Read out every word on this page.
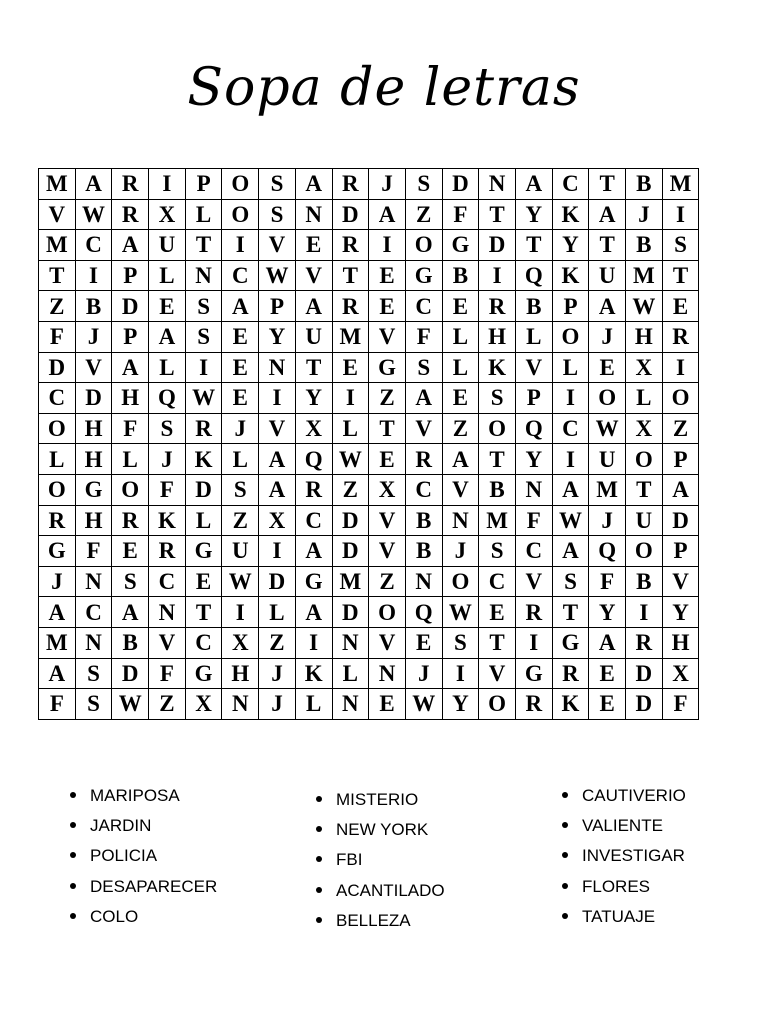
Sopa de letras
M	A	R	I	P	O	S	A	R	J	S	D	N	A	C	T	B	M
V	W	R	X	L	O	S	N	D	A	Z	F	T	Y	K	A	J	I
M	C	A	U	T	I	V	E	R	I	O	G	D	T	Y	T	B	S
T	I	P	L	N	C	W	V	T	E	G	B	I	Q	K	U	M	T
Z	B	D	E	S	A	P	A	R	E	C	E	R	B	P	A	W	E
F	J	P	A	S	E	Y	U	M	V	F	L	H	L	O	J	H	R
D	V	A	L	I	E	N	T	E	G	S	L	K	V	L	E	X	I
C	D	H	Q	W	E	I	Y	I	Z	A	E	S	P	I	O	L	O
O	H	F	S	R	J	V	X	L	T	V	Z	O	Q	C	W	X	Z
L	H	L	J	K	L	A	Q	W	E	R	A	T	Y	I	U	O	P
O	G	O	F	D	S	A	R	Z	X	C	V	B	N	A	M	T	A
R	H	R	K	L	Z	X	C	D	V	B	N	M	F	W	J	U	D
G	F	E	R	G	U	I	A	D	V	B	J	S	C	A	Q	O	P
J	N	S	C	E	W	D	G	M	Z	N	O	C	V	S	F	B	V
A	C	A	N	T	I	L	A	D	O	Q	W	E	R	T	Y	I	Y
M	N	B	V	C	X	Z	I	N	V	E	S	T	I	G	A	R	H
A	S	D	F	G	H	J	K	L	N	J	I	V	G	R	E	D	X
F	S	W	Z	X	N	J	L	N	E	W	Y	O	R	K	E	D	F
MARIPOSA
JARDIN
POLICIA
DESAPARECER
COLO
MISTERIO
NEW YORK
FBI
ACANTILADO
BELLEZA
CAUTIVERIO
VALIENTE
INVESTIGAR
FLORES
TATUAJE
